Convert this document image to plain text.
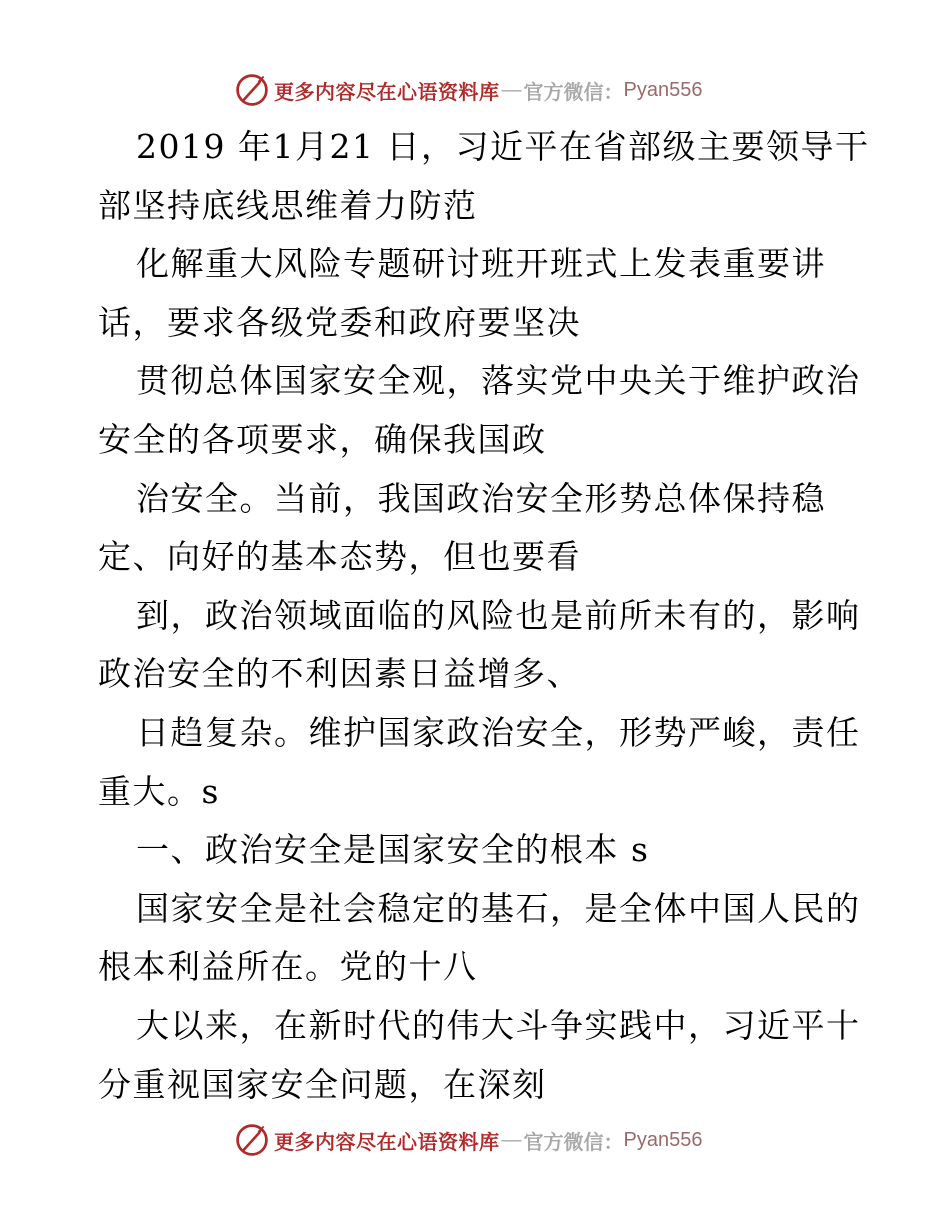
更多内容尽在心语资料库 — 官方微信： Pyan556
2019 年1月21 日，习近平在省部级主要领导干
部坚持底线思维着力防范
化解重大风险专题研讨班开班式上发表重要讲
话，要求各级党委和政府要坚决
贯彻总体国家安全观，落实党中央关于维护政治
安全的各项要求，确保我国政
治安全。当前，我国政治安全形势总体保持稳
定、向好的基本态势，但也要看
到，政治领域面临的风险也是前所未有的，影响
政治安全的不利因素日益增多、
日趋复杂。维护国家政治安全，形势严峻，责任
重大。s
一、政治安全是国家安全的根本 s
国家安全是社会稳定的基石，是全体中国人民的
根本利益所在。党的十八
大以来，在新时代的伟大斗争实践中，习近平十
分重视国家安全问题，在深刻
更多内容尽在心语资料库 — 官方微信： Pyan556
